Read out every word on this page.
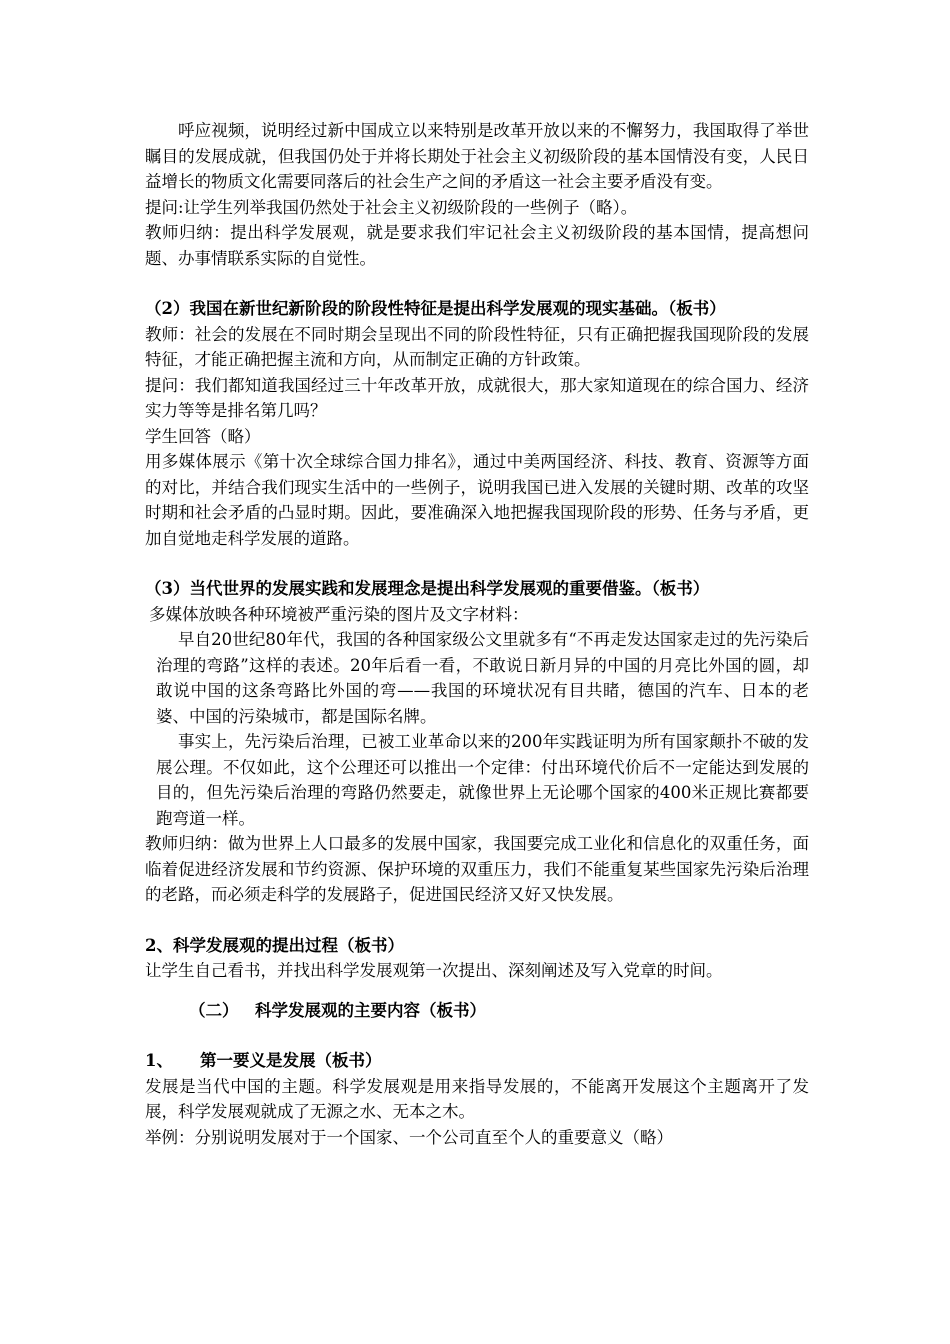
呼应视频，说明经过新中国成立以来特别是改革开放以来的不懈努力，我国取得了举世瞩目的发展成就，但我国仍处于并将长期处于社会主义初级阶段的基本国情没有变，人民日益增长的物质文化需要同落后的社会生产之间的矛盾这一社会主要矛盾没有变。

提问:让学生列举我国仍然处于社会主义初级阶段的一些例子（略）。

教师归纳：提出科学发展观，就是要求我们牢记社会主义初级阶段的基本国情，提高想问题、办事情联系实际的自觉性。

（2）我国在新世纪新阶段的阶段性特征是提出科学发展观的现实基础。（板书）

教师：社会的发展在不同时期会呈现出不同的阶段性特征，只有正确把握我国现阶段的发展特征，才能正确把握主流和方向，从而制定正确的方针政策。

提问：我们都知道我国经过三十年改革开放，成就很大，那大家知道现在的综合国力、经济实力等等是排名第几吗？

学生回答（略）

用多媒体展示《第十次全球综合国力排名》，通过中美两国经济、科技、教育、资源等方面的对比，并结合我们现实生活中的一些例子，说明我国已进入发展的关键时期、改革的攻坚时期和社会矛盾的凸显时期。因此，要准确深入地把握我国现阶段的形势、任务与矛盾，更加自觉地走科学发展的道路。

（3）当代世界的发展实践和发展理念是提出科学发展观的重要借鉴。（板书）

多媒体放映各种环境被严重污染的图片及文字材料：

早自20世纪80年代，我国的各种国家级公文里就多有“不再走发达国家走过的先污染后治理的弯路”这样的表述。20年后看一看，不敢说日新月异的中国的月亮比外国的圆，却敢说中国的这条弯路比外国的弯——我国的环境状况有目共睹，德国的汽车、日本的老婆、中国的污染城市，都是国际名牌。

事实上，先污染后治理，已被工业革命以来的200年实践证明为所有国家颠扑不破的发展公理。不仅如此，这个公理还可以推出一个定律：付出环境代价后不一定能达到发展的目的，但先污染后治理的弯路仍然要走，就像世界上无论哪个国家的400米正规比赛都要跑弯道一样。

教师归纳：做为世界上人口最多的发展中国家，我国要完成工业化和信息化的双重任务，面临着促进经济发展和节约资源、保护环境的双重压力，我们不能重复某些国家先污染后治理的老路，而必须走科学的发展路子，促进国民经济又好又快发展。

2、科学发展观的提出过程（板书）

让学生自己看书，并找出科学发展观第一次提出、深刻阐述及写入党章的时间。

（二） 科学发展观的主要内容（板书）

1、 第一要义是发展（板书）

发展是当代中国的主题。科学发展观是用来指导发展的，不能离开发展这个主题离开了发展，科学发展观就成了无源之水、无本之木。

举例：分别说明发展对于一个国家、一个公司直至个人的重要意义（略）
